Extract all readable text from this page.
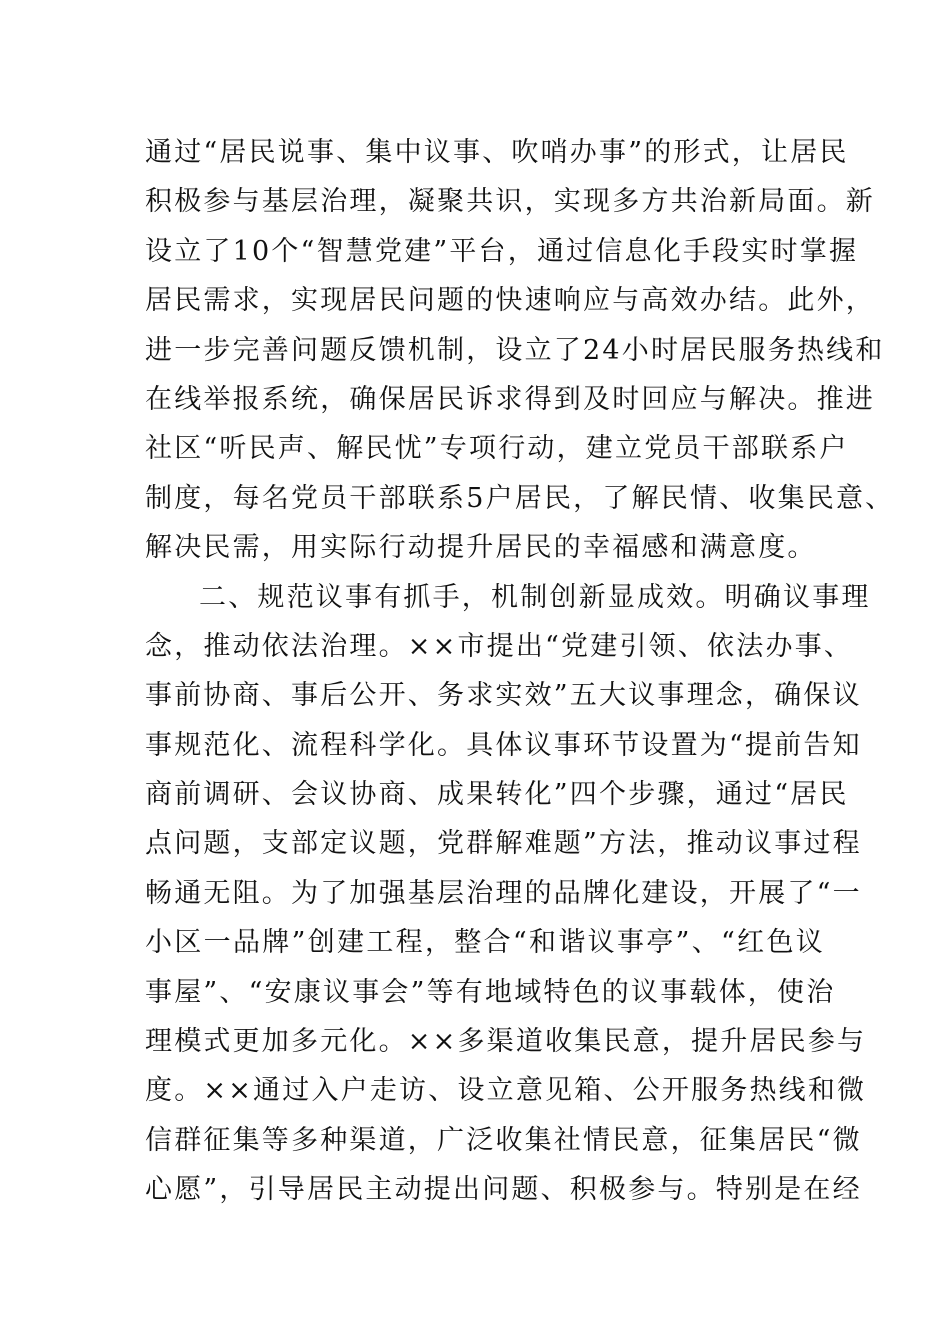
通过“居民说事、集中议事、吹哨办事”的形式，让居民
积极参与基层治理，凝聚共识，实现多方共治新局面。新
设立了10个“智慧党建”平台，通过信息化手段实时掌握
居民需求，实现居民问题的快速响应与高效办结。此外，
进一步完善问题反馈机制，设立了24小时居民服务热线和
在线举报系统，确保居民诉求得到及时回应与解决。推进
社区“听民声、解民忧”专项行动，建立党员干部联系户
制度，每名党员干部联系5户居民，了解民情、收集民意、
解决民需，用实际行动提升居民的幸福感和满意度。
二、规范议事有抓手，机制创新显成效。明确议事理
念，推动依法治理。××市提出“党建引领、依法办事、
事前协商、事后公开、务求实效”五大议事理念，确保议
事规范化、流程科学化。具体议事环节设置为“提前告知
商前调研、会议协商、成果转化”四个步骤，通过“居民
点问题，支部定议题，党群解难题”方法，推动议事过程
畅通无阻。为了加强基层治理的品牌化建设，开展了“一
小区一品牌”创建工程，整合“和谐议事亭”、“红色议
事屋”、“安康议事会”等有地域特色的议事载体，使治
理模式更加多元化。××多渠道收集民意，提升居民参与
度。××通过入户走访、设立意见箱、公开服务热线和微
信群征集等多种渠道，广泛收集社情民意，征集居民“微
心愿”，引导居民主动提出问题、积极参与。特别是在经
